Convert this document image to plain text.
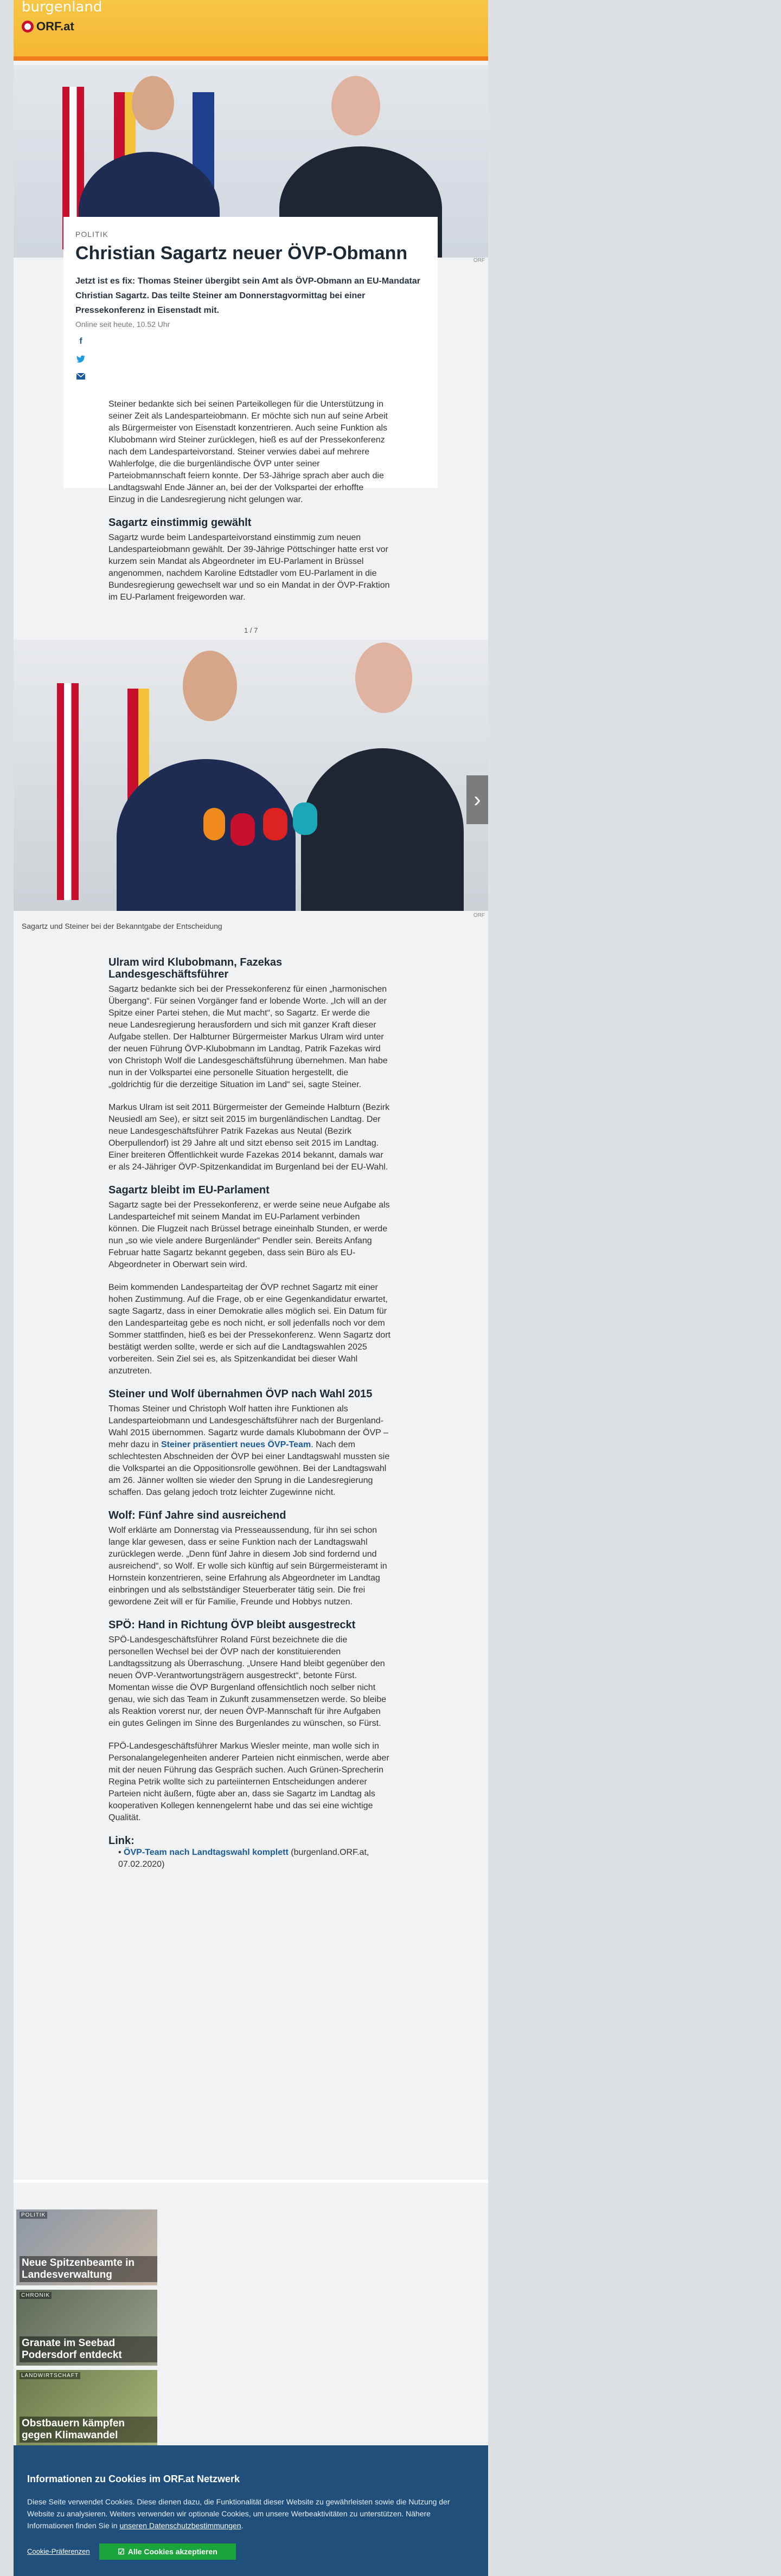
burgenland
ORF.at
ORF
POLITIK
Christian Sagartz neuer ÖVP-Obmann
Jetzt ist es fix: Thomas Steiner übergibt sein Amt als ÖVP-Obmann an EU-Mandatar Christian Sagartz. Das teilte Steiner am Donnerstagvormittag bei einer Pressekonferenz in Eisenstadt mit.
Online seit heute, 10.52 Uhr
f

Steiner bedankte sich bei seinen Parteikollegen für die Unterstützung in seiner Zeit als Landesparteiobmann. Er möchte sich nun auf seine Arbeit als Bürgermeister von Eisenstadt konzentrieren. Auch seine Funktion als Klubobmann wird Steiner zurücklegen, hieß es auf der Pressekonferenz nach dem Landesparteivorstand. Steiner verwies dabei auf mehrere Wahlerfolge, die die burgenländische ÖVP unter seiner Parteiobmannschaft feiern konnte. Der 53-Jährige sprach aber auch die Landtagswahl Ende Jänner an, bei der der Volkspartei der erhoffte Einzug in die Landesregierung nicht gelungen war.

Sagartz einstimmig gewählt

Sagartz wurde beim Landesparteivorstand einstimmig zum neuen Landesparteiobmann gewählt. Der 39-Jährige Pöttschinger hatte erst vor kurzem sein Mandat als Abgeordneter im EU-Parlament in Brüssel angenommen, nachdem Karoline Edtstadler vom EU-Parlament in die Bundesregierung gewechselt war und so ein Mandat in der ÖVP-Fraktion im EU-Parlament freigeworden war.

1 / 7
›
ORF
Sagartz und Steiner bei der Bekanntgabe der Entscheidung
Ulram wird Klubobmann, Fazekas Landesgeschäftsführer

Sagartz bedankte sich bei der Pressekonferenz für einen „harmonischen Übergang“. Für seinen Vorgänger fand er lobende Worte. „Ich will an der Spitze einer Partei stehen, die Mut macht“, so Sagartz. Er werde die neue Landesregierung herausfordern und sich mit ganzer Kraft dieser Aufgabe stellen. Der Halbturner Bürgermeister Markus Ulram wird unter der neuen Führung ÖVP-Klubobmann im Landtag, Patrik Fazekas wird von Christoph Wolf die Landesgeschäftsführung übernehmen. Man habe nun in der Volkspartei eine personelle Situation hergestellt, die „goldrichtig für die derzeitige Situation im Land“ sei, sagte Steiner.

Markus Ulram ist seit 2011 Bürgermeister der Gemeinde Halbturn (Bezirk Neusiedl am See), er sitzt seit 2015 im burgenländischen Landtag. Der neue Landesgeschäftsführer Patrik Fazekas aus Neutal (Bezirk Oberpullendorf) ist 29 Jahre alt und sitzt ebenso seit 2015 im Landtag. Einer breiteren Öffentlichkeit wurde Fazekas 2014 bekannt, damals war er als 24-Jähriger ÖVP-Spitzenkandidat im Burgenland bei der EU-Wahl.

Sagartz bleibt im EU-Parlament

Sagartz sagte bei der Pressekonferenz, er werde seine neue Aufgabe als Landesparteichef mit seinem Mandat im EU-Parlament verbinden können. Die Flugzeit nach Brüssel betrage eineinhalb Stunden, er werde nun „so wie viele andere Burgenländer“ Pendler sein. Bereits Anfang Februar hatte Sagartz bekannt gegeben, dass sein Büro als EU-Abgeordneter in Oberwart sein wird.

Beim kommenden Landesparteitag der ÖVP rechnet Sagartz mit einer hohen Zustimmung. Auf die Frage, ob er eine Gegenkandidatur erwartet, sagte Sagartz, dass in einer Demokratie alles möglich sei. Ein Datum für den Landesparteitag gebe es noch nicht, er soll jedenfalls noch vor dem Sommer stattfinden, hieß es bei der Pressekonferenz. Wenn Sagartz dort bestätigt werden sollte, werde er sich auf die Landtagswahlen 2025 vorbereiten. Sein Ziel sei es, als Spitzenkandidat bei dieser Wahl anzutreten.

Steiner und Wolf übernahmen ÖVP nach Wahl 2015

Thomas Steiner und Christoph Wolf hatten ihre Funktionen als Landesparteiobmann und Landesgeschäftsführer nach der Burgenland-Wahl 2015 übernommen. Sagartz wurde damals Klubobmann der ÖVP – mehr dazu in Steiner präsentiert neues ÖVP-Team. Nach dem schlechtesten Abschneiden der ÖVP bei einer Landtagswahl mussten sie die Volkspartei an die Oppositionsrolle gewöhnen. Bei der Landtagswahl am 26. Jänner wollten sie wieder den Sprung in die Landesregierung schaffen. Das gelang jedoch trotz leichter Zugewinne nicht.

Wolf: Fünf Jahre sind ausreichend

Wolf erklärte am Donnerstag via Presseaussendung, für ihn sei schon lange klar gewesen, dass er seine Funktion nach der Landtagswahl zurücklegen werde. „Denn fünf Jahre in diesem Job sind fordernd und ausreichend“, so Wolf. Er wolle sich künftig auf sein Bürgermeisteramt in Hornstein konzentrieren, seine Erfahrung als Abgeordneter im Landtag einbringen und als selbstständiger Steuerberater tätig sein. Die frei gewordene Zeit will er für Familie, Freunde und Hobbys nutzen.

SPÖ: Hand in Richtung ÖVP bleibt ausgestreckt

SPÖ-Landesgeschäftsführer Roland Fürst bezeichnete die die personellen Wechsel bei der ÖVP nach der konstituierenden Landtagssitzung als Überraschung. „Unsere Hand bleibt gegenüber den neuen ÖVP-Verantwortungsträgern ausgestreckt“, betonte Fürst. Momentan wisse die ÖVP Burgenland offensichtlich noch selber nicht genau, wie sich das Team in Zukunft zusammensetzen werde. So bleibe als Reaktion vorerst nur, der neuen ÖVP-Mannschaft für ihre Aufgaben ein gutes Gelingen im Sinne des Burgenlandes zu wünschen, so Fürst.

FPÖ-Landesgeschäftsführer Markus Wiesler meinte, man wolle sich in Personalangelegenheiten anderer Parteien nicht einmischen, werde aber mit der neuen Führung das Gespräch suchen. Auch Grünen-Sprecherin Regina Petrik wollte sich zu parteiinternen Entscheidungen anderer Parteien nicht äußern, fügte aber an, dass sie Sagartz im Landtag als kooperativen Kollegen kennengelernt habe und das sei eine wichtige Qualität.

Link:
• ÖVP-Team nach Landtagswahl komplett (burgenland.ORF.at, 07.02.2020)
POLITIK
Neue Spitzenbeamte in Landesverwaltung
CHRONIK
Granate im Seebad Podersdorf entdeckt
LANDWIRTSCHAFT
Obstbauern kämpfen gegen Klimawandel
Informationen zu Cookies im ORF.at Netzwerk
Diese Seite verwendet Cookies. Diese dienen dazu, die Funktionalität dieser Website zu gewährleisten sowie die Nutzung der Website zu analysieren. Weiters verwenden wir optionale Cookies, um unsere Werbeaktivitäten zu unterstützen. Nähere Informationen finden Sie in unseren Datenschutzbestimmungen.
Cookie-Präferenzen	☑ Alle Cookies akzeptieren
